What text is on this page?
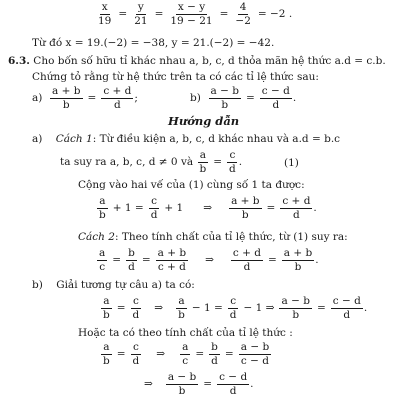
$\frac{x}{19} = \frac{y}{21} = \frac{x - y}{19 - 21} = \frac{4}{-2} = -2$ .
Từ đó x = 19.(−2) = −38, y = 21.(−2) = −42.
6.3.
Cho bốn số hữu tỉ khác nhau a, b, c, d thỏa mãn hệ thức a.d = c.b.
Chứng tỏ rằng từ hệ thức trên ta có các tỉ lệ thức sau:
a)
$\frac{a + b}{b} = \frac{c + d}{d}$ ;	b)
$\frac{a - b}{b} = \frac{c - d}{d}$ .
Hướng dẫn
a)
Cách 1 : Từ điều kiện a, b, c, d khác nhau và a.d = b.c
ta suy ra a, b, c, d ≠ 0 và
$\frac{a}{b} = \frac{c}{d}$ .	(1)
Cộng vào hai vế của (1) cùng số 1 ta được:
a
b
+ $1 = \frac{c}{d} + 1$ ⇒ $\frac{a + b}{b} = \frac{c + d}{d}$ .
Cách 2 : Theo tính chất của tỉ lệ thức, từ (1) suy ra:
$\frac{a}{c} = \frac{b}{d} = \frac{a + b}{c + d}$ ⇒ $\frac{c + d}{d} = \frac{a + b}{b}$ .
b)
Giải tương tự câu a) ta có:
$\frac{a}{b} = \frac{c}{d}$ ⇒
a
b
− $1 = \frac{c}{d} - 1$ ⇒ $\frac{a - b}{b} = \frac{c - d}{d}$ .
Hoặc ta có theo tính chất của tỉ lệ thức :
$\frac{a}{b} = \frac{c}{d}$ ⇒ $\frac{a}{c} = \frac{b}{d} = \frac{a - b}{c - d}$
⇒ $\frac{a - b}{b} = \frac{c - d}{d}$ .
